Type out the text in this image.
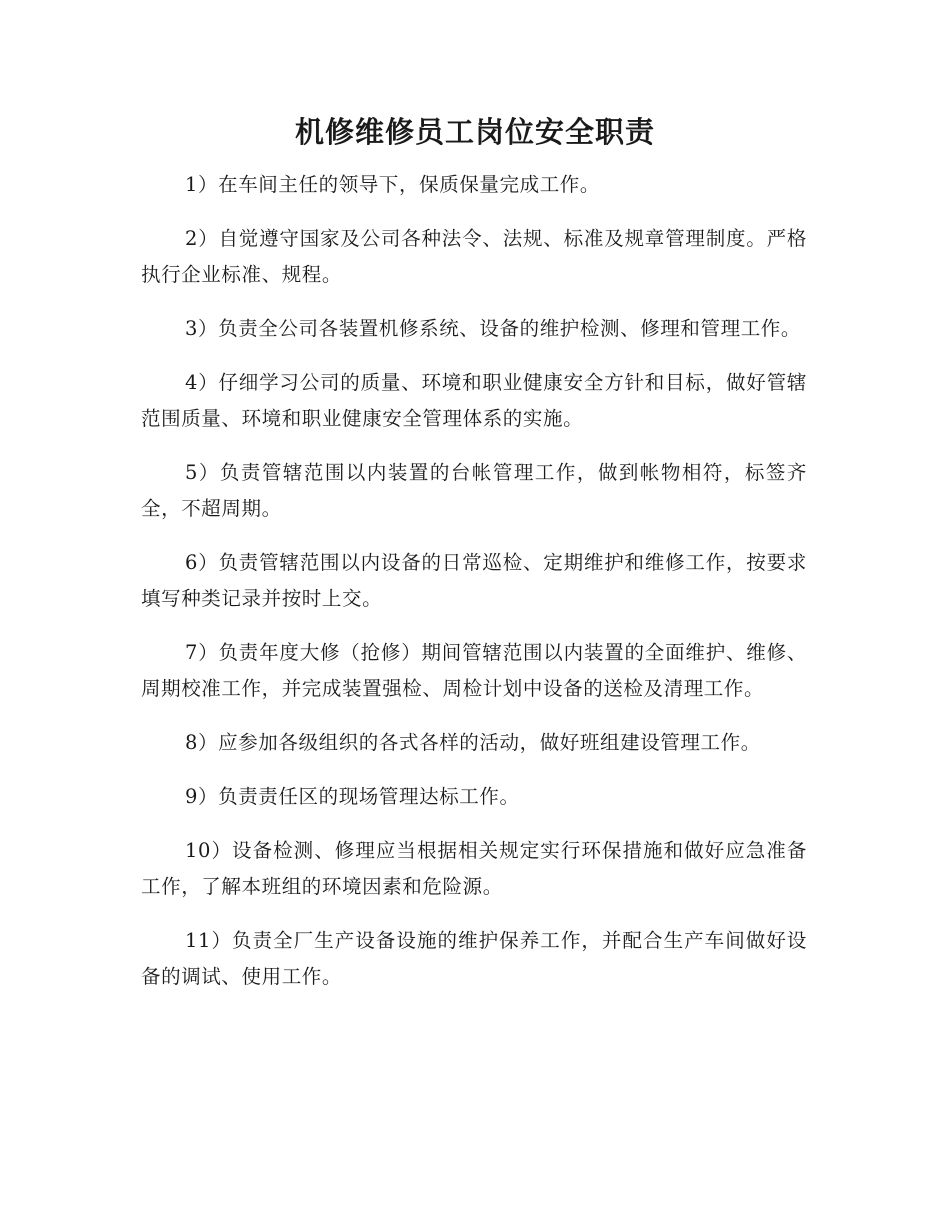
机修维修员工岗位安全职责

1）在车间主任的领导下，保质保量完成工作。

2）自觉遵守国家及公司各种法令、法规、标准及规章管理制度。严格执行企业标准、规程。

3）负责全公司各装置机修系统、设备的维护检测、修理和管理工作。

4）仔细学习公司的质量、环境和职业健康安全方针和目标，做好管辖范围质量、环境和职业健康安全管理体系的实施。

5）负责管辖范围以内装置的台帐管理工作，做到帐物相符，标签齐全，不超周期。

6）负责管辖范围以内设备的日常巡检、定期维护和维修工作，按要求填写种类记录并按时上交。

7）负责年度大修（抢修）期间管辖范围以内装置的全面维护、维修、周期校准工作，并完成装置强检、周检计划中设备的送检及清理工作。

8）应参加各级组织的各式各样的活动，做好班组建设管理工作。

9）负责责任区的现场管理达标工作。

10）设备检测、修理应当根据相关规定实行环保措施和做好应急准备工作，了解本班组的环境因素和危险源。

11）负责全厂生产设备设施的维护保养工作，并配合生产车间做好设备的调试、使用工作。
